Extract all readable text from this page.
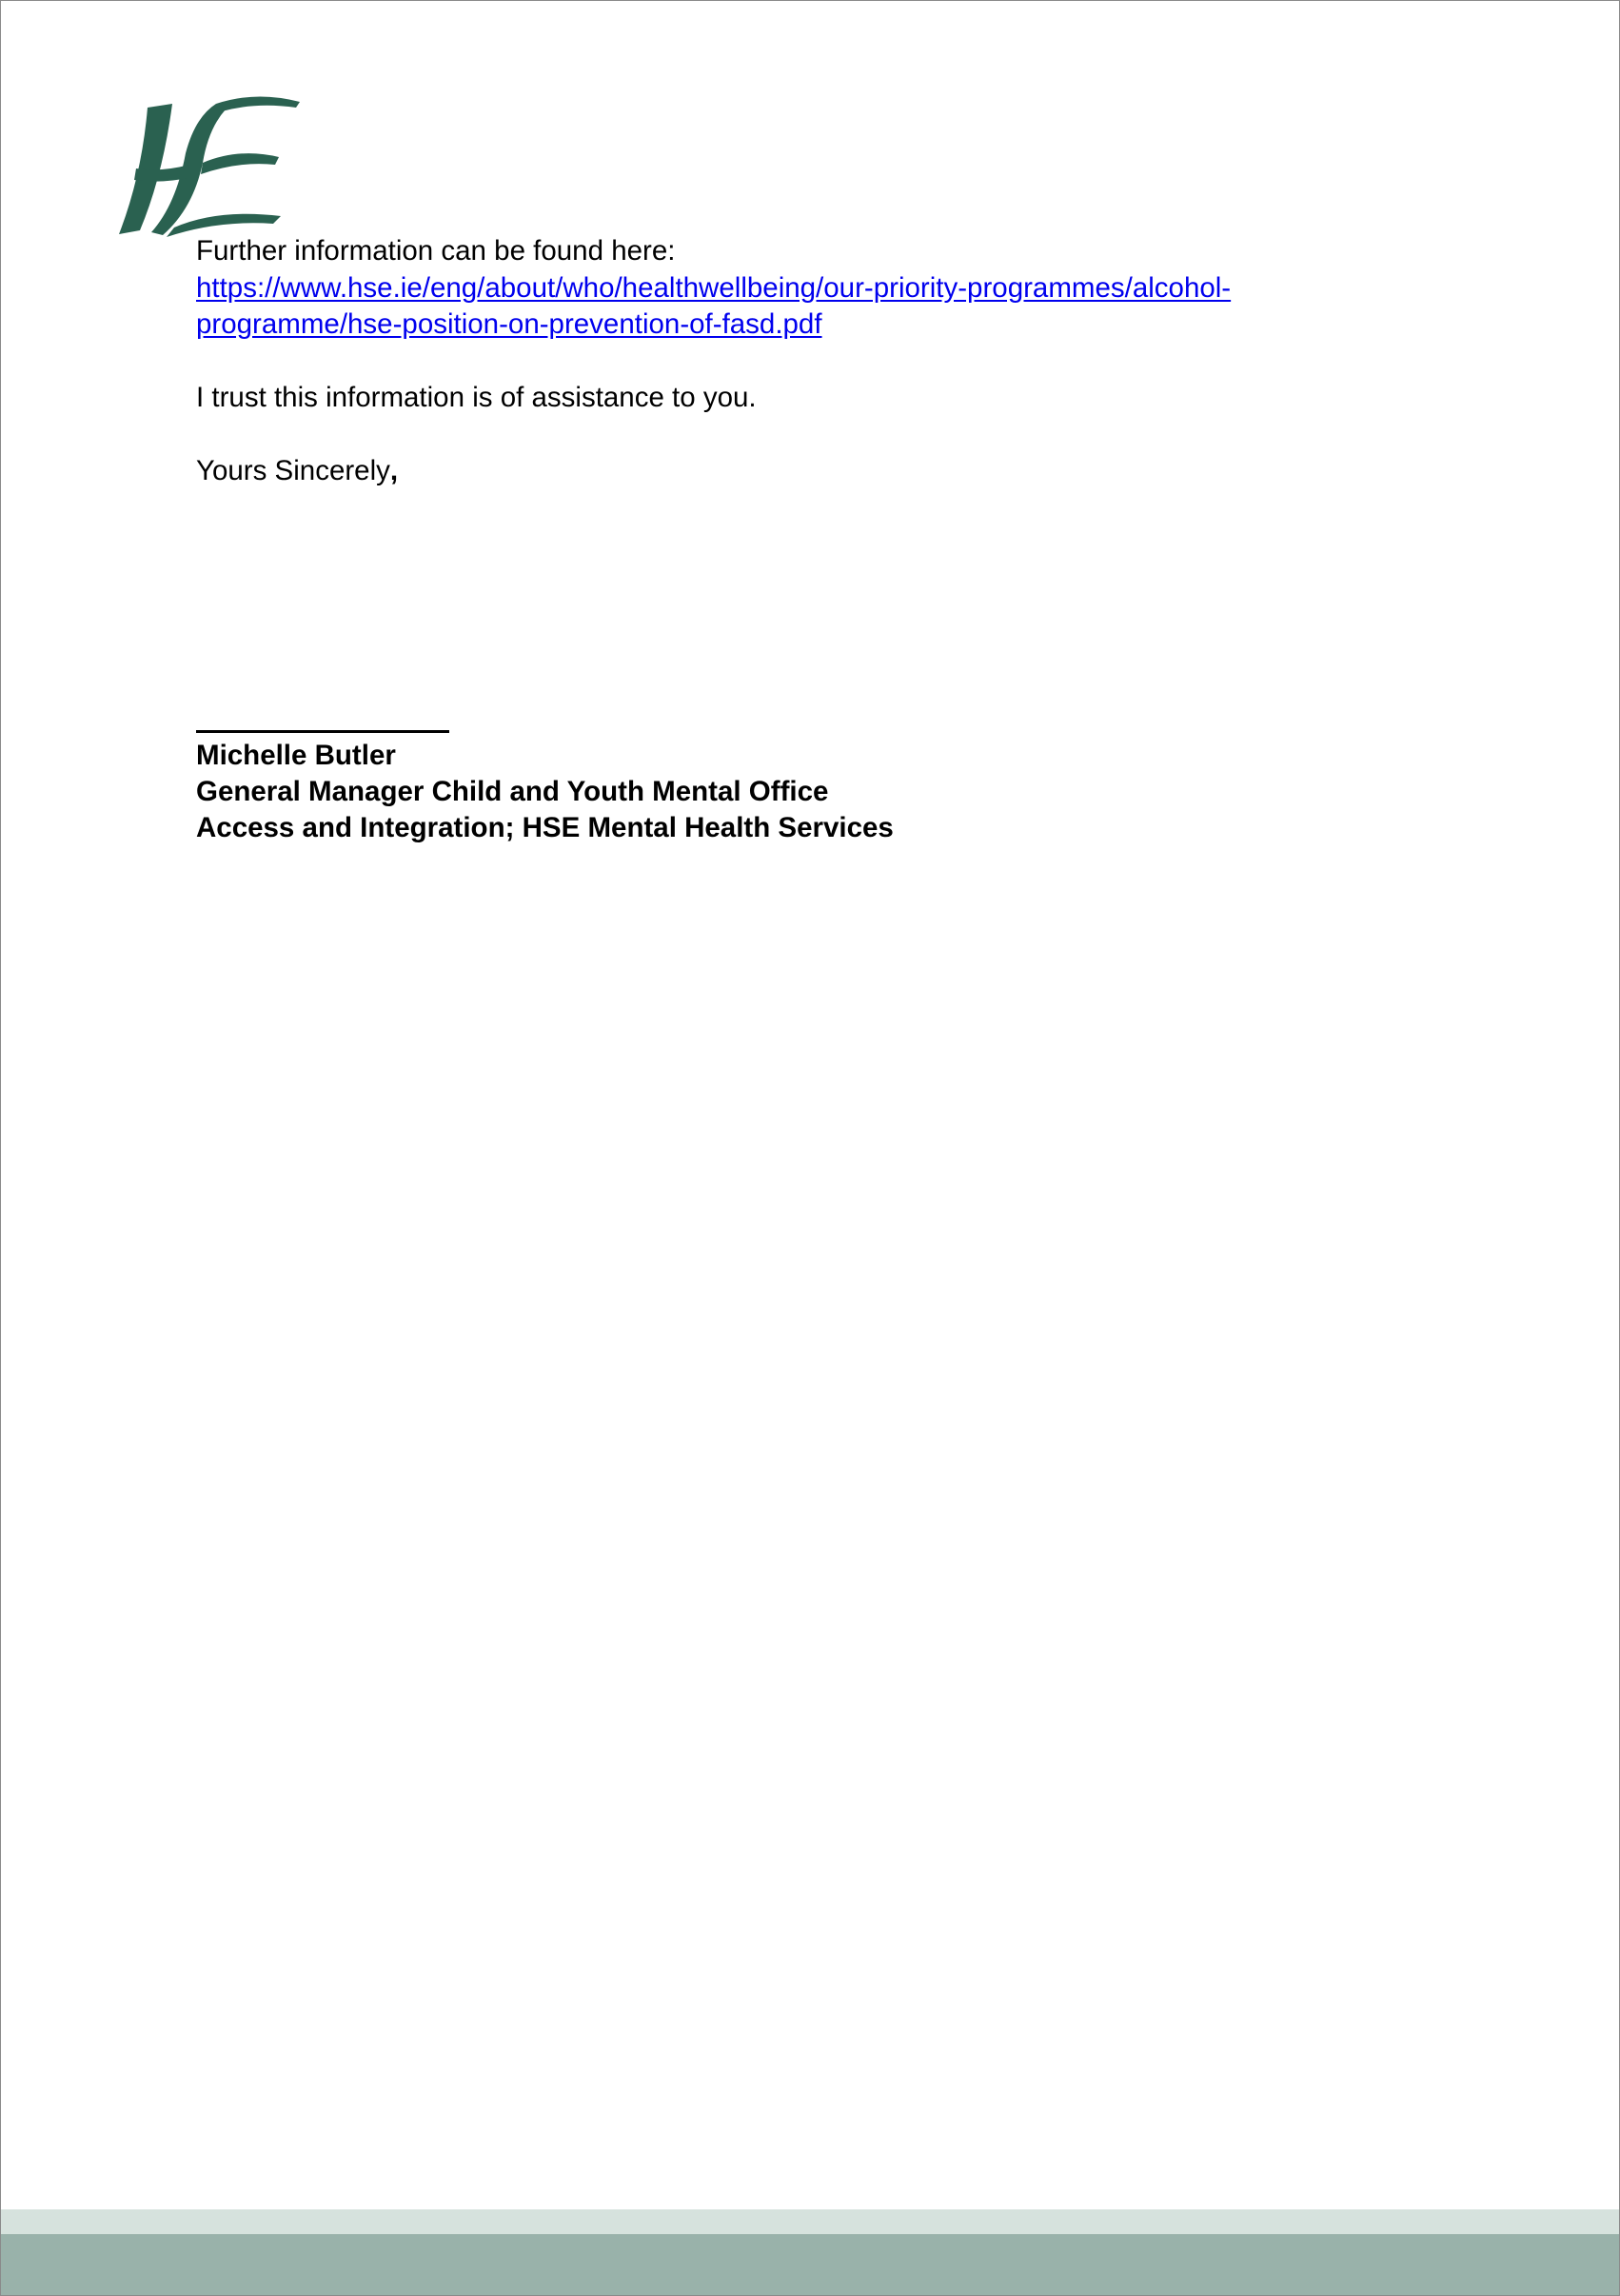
Further information can be found here:
https://www.hse.ie/eng/about/who/healthwellbeing/our-priority-programmes/alcohol-
programme/hse-position-on-prevention-of-fasd.pdf
I trust this information is of assistance to you.
Yours Sincerely,
Michelle Butler
General Manager Child and Youth Mental Office
Access and Integration; HSE Mental Health Services
